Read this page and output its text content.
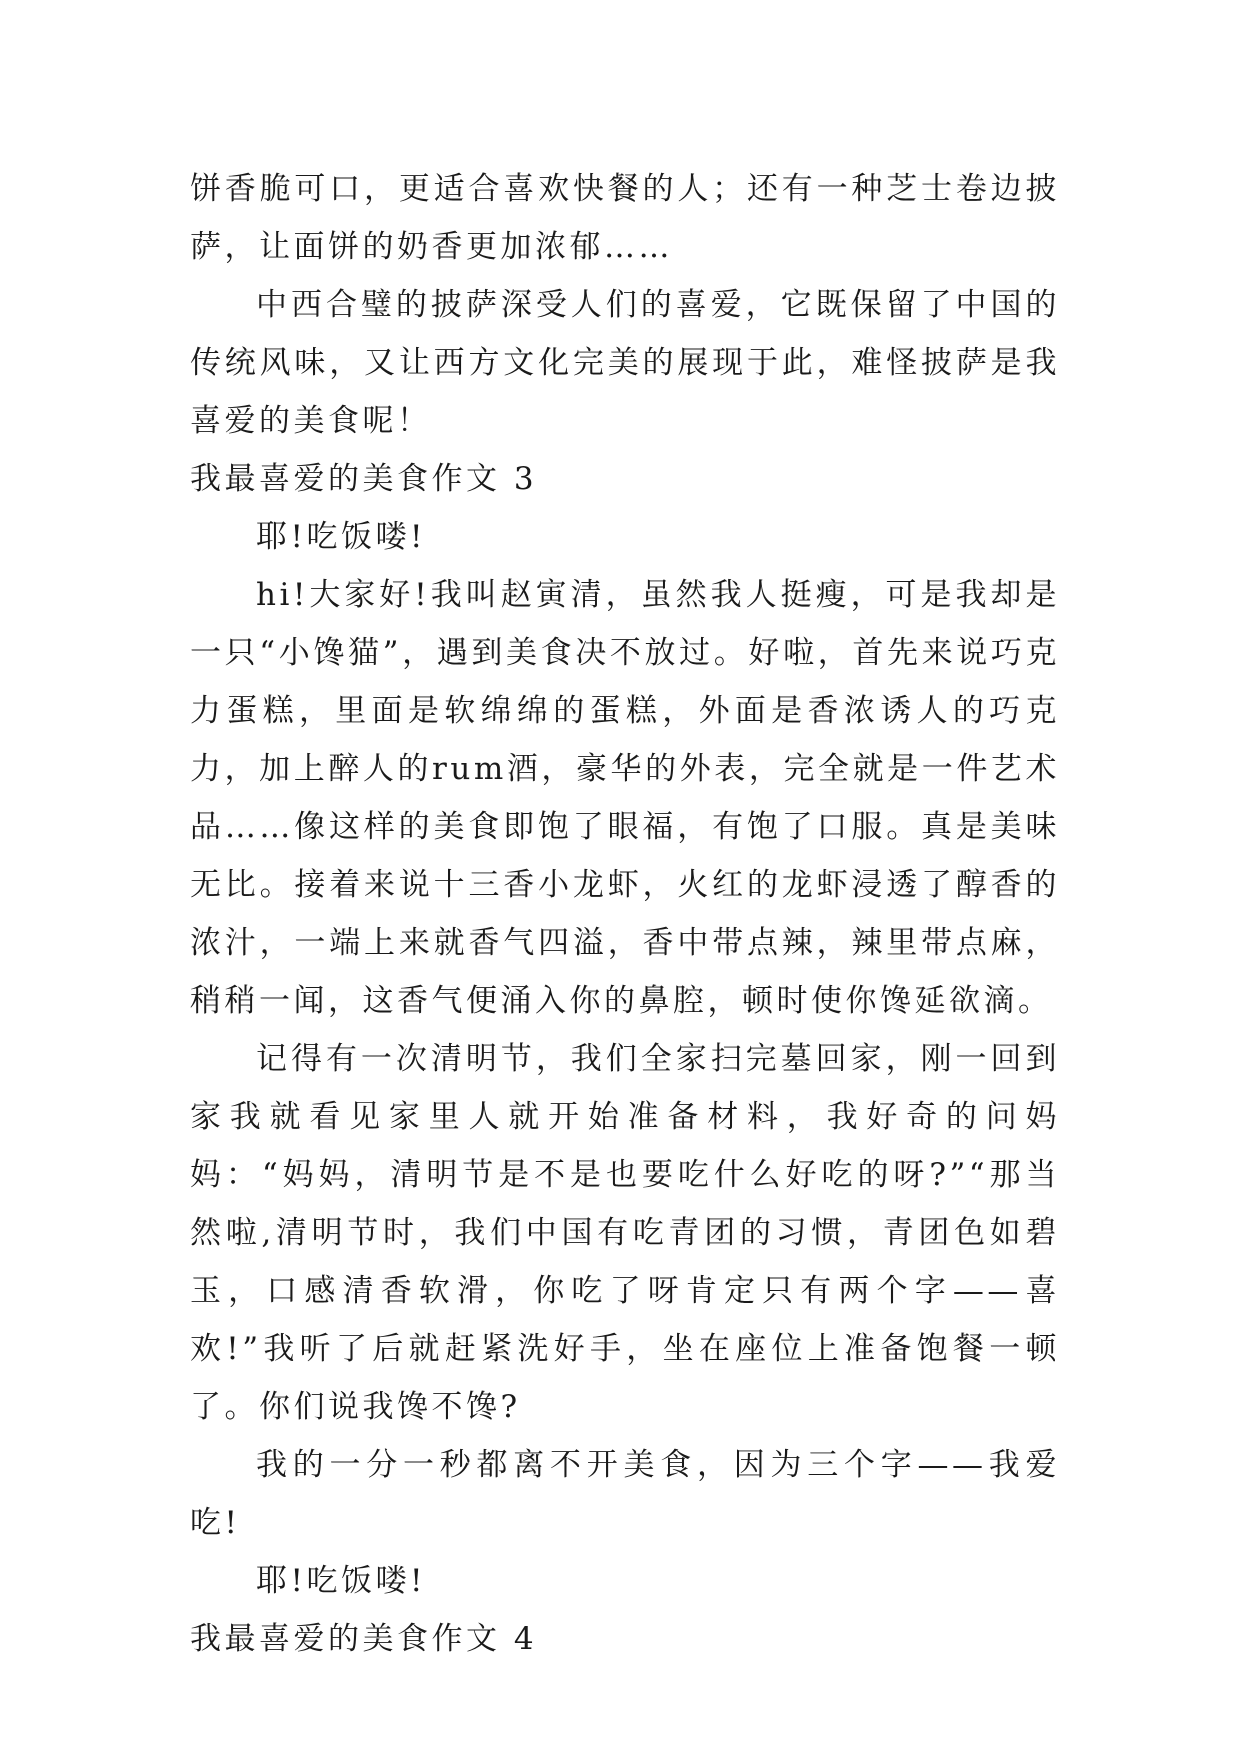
饼香脆可口，更适合喜欢快餐的人；还有一种芝士卷边披萨，让面饼的奶香更加浓郁……

中西合璧的披萨深受人们的喜爱，它既保留了中国的传统风味，又让西方文化完美的展现于此，难怪披萨是我喜爱的美食呢！

我最喜爱的美食作文 3

耶!吃饭喽!

hi!大家好!我叫赵寅清，虽然我人挺瘦，可是我却是一只“小馋猫”，遇到美食决不放过。好啦，首先来说巧克力蛋糕，里面是软绵绵的蛋糕，外面是香浓诱人的巧克力，加上醉人的rum酒，豪华的外表，完全就是一件艺术品……像这样的美食即饱了眼福，有饱了口服。真是美味无比。接着来说十三香小龙虾，火红的龙虾浸透了醇香的浓汁，一端上来就香气四溢，香中带点辣，辣里带点麻，稍稍一闻，这香气便涌入你的鼻腔，顿时使你馋延欲滴。

记得有一次清明节，我们全家扫完墓回家，刚一回到家我就看见家里人就开始准备材料，我好奇的问妈妈：“妈妈，清明节是不是也要吃什么好吃的呀?”“那当然啦,清明节时，我们中国有吃青团的习惯，青团色如碧玉，口感清香软滑，你吃了呀肯定只有两个字——喜欢!”我听了后就赶紧洗好手，坐在座位上准备饱餐一顿了。你们说我馋不馋?

我的一分一秒都离不开美食，因为三个字——我爱吃!

耶!吃饭喽!

我最喜爱的美食作文 4
